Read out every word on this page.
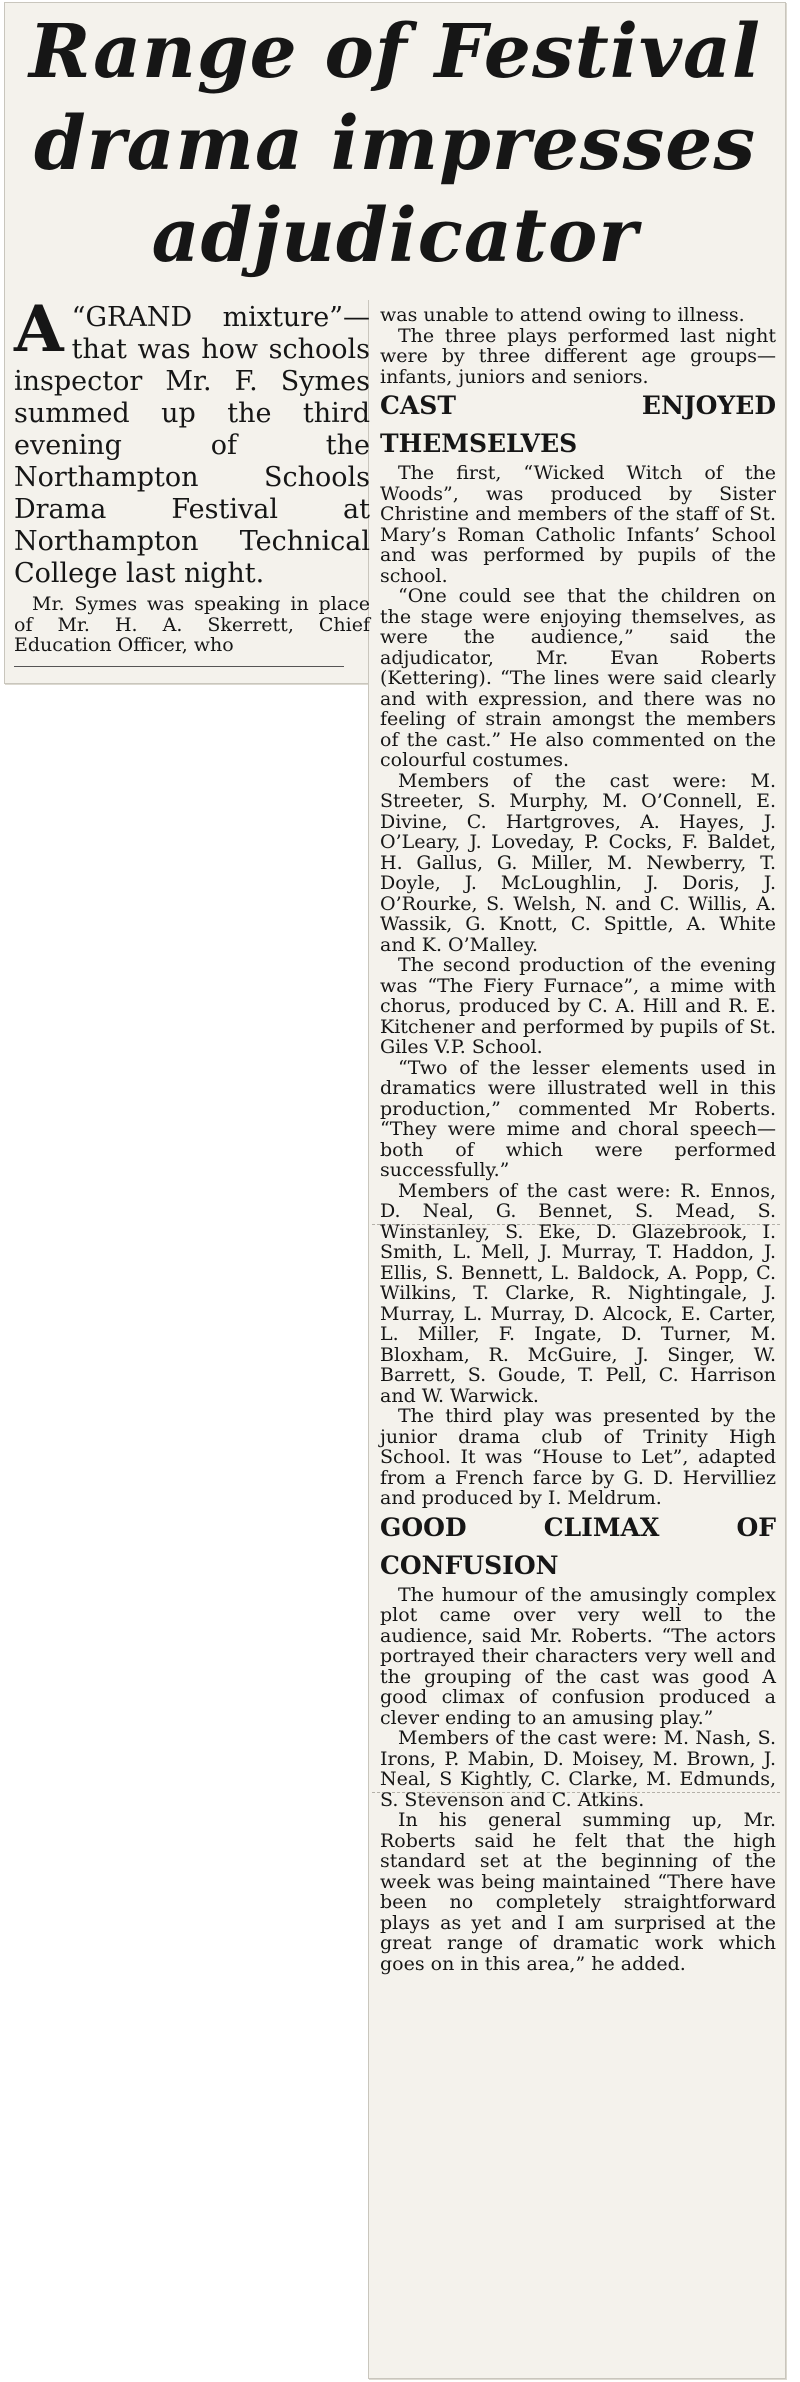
Range of Festival drama impresses adjudicator

A “GRAND mixture”—that was how schools inspector Mr. F. Symes summed up the third evening of the Northampton Schools Drama Festival at Northampton Technical College last night.

Mr. Symes was speaking in place of Mr. H. A. Skerrett, Chief Education Officer, who

was unable to attend owing to illness.

The three plays performed last night were by three different age groups—infants, juniors and seniors.

CAST ENJOYED THEMSELVES

The first, “Wicked Witch of the Woods”, was produced by Sister Christine and members of the staff of St. Mary’s Roman Catholic Infants’ School and was performed by pupils of the school.

“One could see that the children on the stage were enjoying themselves, as were the audience,” said the adjudicator, Mr. Evan Roberts (Kettering). “The lines were said clearly and with expression, and there was no feeling of strain amongst the members of the cast.” He also commented on the colourful costumes.

Members of the cast were: M. Streeter, S. Murphy, M. O’Connell, E. Divine, C. Hartgroves, A. Hayes, J. O’Leary, J. Loveday, P. Cocks, F. Baldet, H. Gallus, G. Miller, M. Newberry, T. Doyle, J. McLoughlin, J. Doris, J. O’Rourke, S. Welsh, N. and C. Willis, A. Wassik, G. Knott, C. Spittle, A. White and K. O’Malley.

The second production of the evening was “The Fiery Furnace”, a mime with chorus, produced by C. A. Hill and R. E. Kitchener and performed by pupils of St. Giles V.P. School.

“Two of the lesser elements used in dramatics were illustrated well in this production,” commented Mr Roberts. “They were mime and choral speech—both of which were performed successfully.”

Members of the cast were: R. Ennos, D. Neal, G. Bennet, S. Mead, S. Winstanley, S. Eke, D. Glazebrook, I. Smith, L. Mell, J. Murray, T. Haddon, J. Ellis, S. Bennett, L. Baldock, A. Popp, C. Wilkins, T. Clarke, R. Nightingale, J. Murray, L. Murray, D. Alcock, E. Carter, L. Miller, F. Ingate, D. Turner, M. Bloxham, R. McGuire, J. Singer, W. Barrett, S. Goude, T. Pell, C. Harrison and W. Warwick.

The third play was presented by the junior drama club of Trinity High School. It was “House to Let”, adapted from a French farce by G. D. Hervilliez and produced by I. Meldrum.

GOOD CLIMAX OF CONFUSION

The humour of the amusingly complex plot came over very well to the audience, said Mr. Roberts. “The actors portrayed their characters very well and the grouping of the cast was good A good climax of confusion produced a clever ending to an amusing play.”

Members of the cast were: M. Nash, S. Irons, P. Mabin, D. Moisey, M. Brown, J. Neal, S Kightly, C. Clarke, M. Edmunds, S. Stevenson and C. Atkins.

In his general summing up, Mr. Roberts said he felt that the high standard set at the beginning of the week was being maintained “There have been no completely straightforward plays as yet and I am surprised at the great range of dramatic work which goes on in this area,” he added.
